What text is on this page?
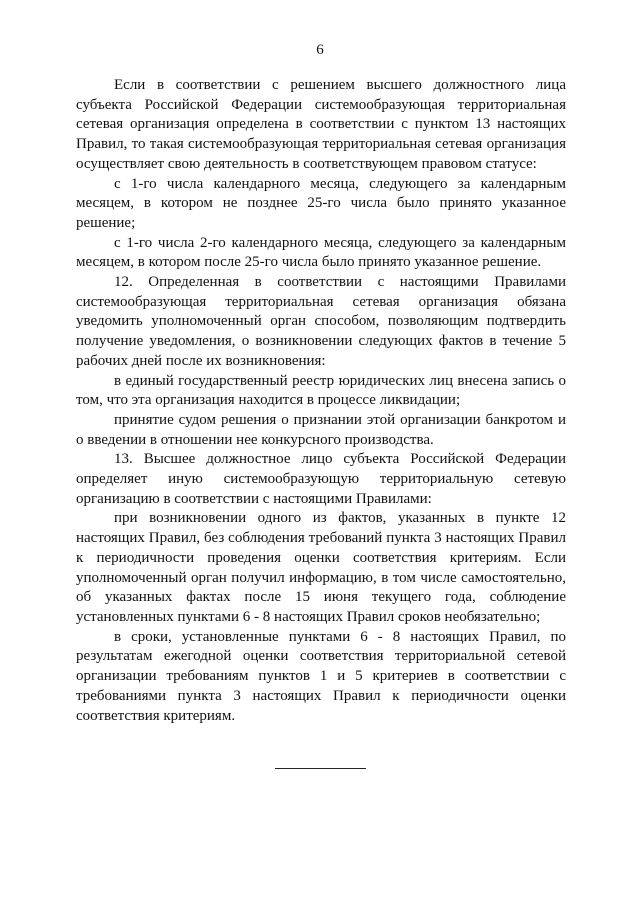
6

Если в соответствии с решением высшего должностного лица субъекта Российской Федерации системообразующая территориальная сетевая организация определена в соответствии с пунктом 13 настоящих Правил, то такая системообразующая территориальная сетевая организация осуществляет свою деятельность в соответствующем правовом статусе:

с 1-го числа календарного месяца, следующего за календарным месяцем, в котором не позднее 25-го числа было принято указанное решение;

с 1-го числа 2-го календарного месяца, следующего за календарным месяцем, в котором после 25-го числа было принято указанное решение.

12. Определенная в соответствии с настоящими Правилами системообразующая территориальная сетевая организация обязана уведомить уполномоченный орган способом, позволяющим подтвердить получение уведомления, о возникновении следующих фактов в течение 5 рабочих дней после их возникновения:

в единый государственный реестр юридических лиц внесена запись о том, что эта организация находится в процессе ликвидации;

принятие судом решения о признании этой организации банкротом и о введении в отношении нее конкурсного производства.

13. Высшее должностное лицо субъекта Российской Федерации определяет иную системообразующую территориальную сетевую организацию в соответствии с настоящими Правилами:

при возникновении одного из фактов, указанных в пункте 12 настоящих Правил, без соблюдения требований пункта 3 настоящих Правил к периодичности проведения оценки соответствия критериям. Если уполномоченный орган получил информацию, в том числе самостоятельно, об указанных фактах после 15 июня текущего года, соблюдение установленных пунктами 6 - 8 настоящих Правил сроков необязательно;

в сроки, установленные пунктами 6 - 8 настоящих Правил, по результатам ежегодной оценки соответствия территориальной сетевой организации требованиям пунктов 1 и 5 критериев в соответствии с требованиями пункта 3 настоящих Правил к периодичности оценки соответствия критериям.
